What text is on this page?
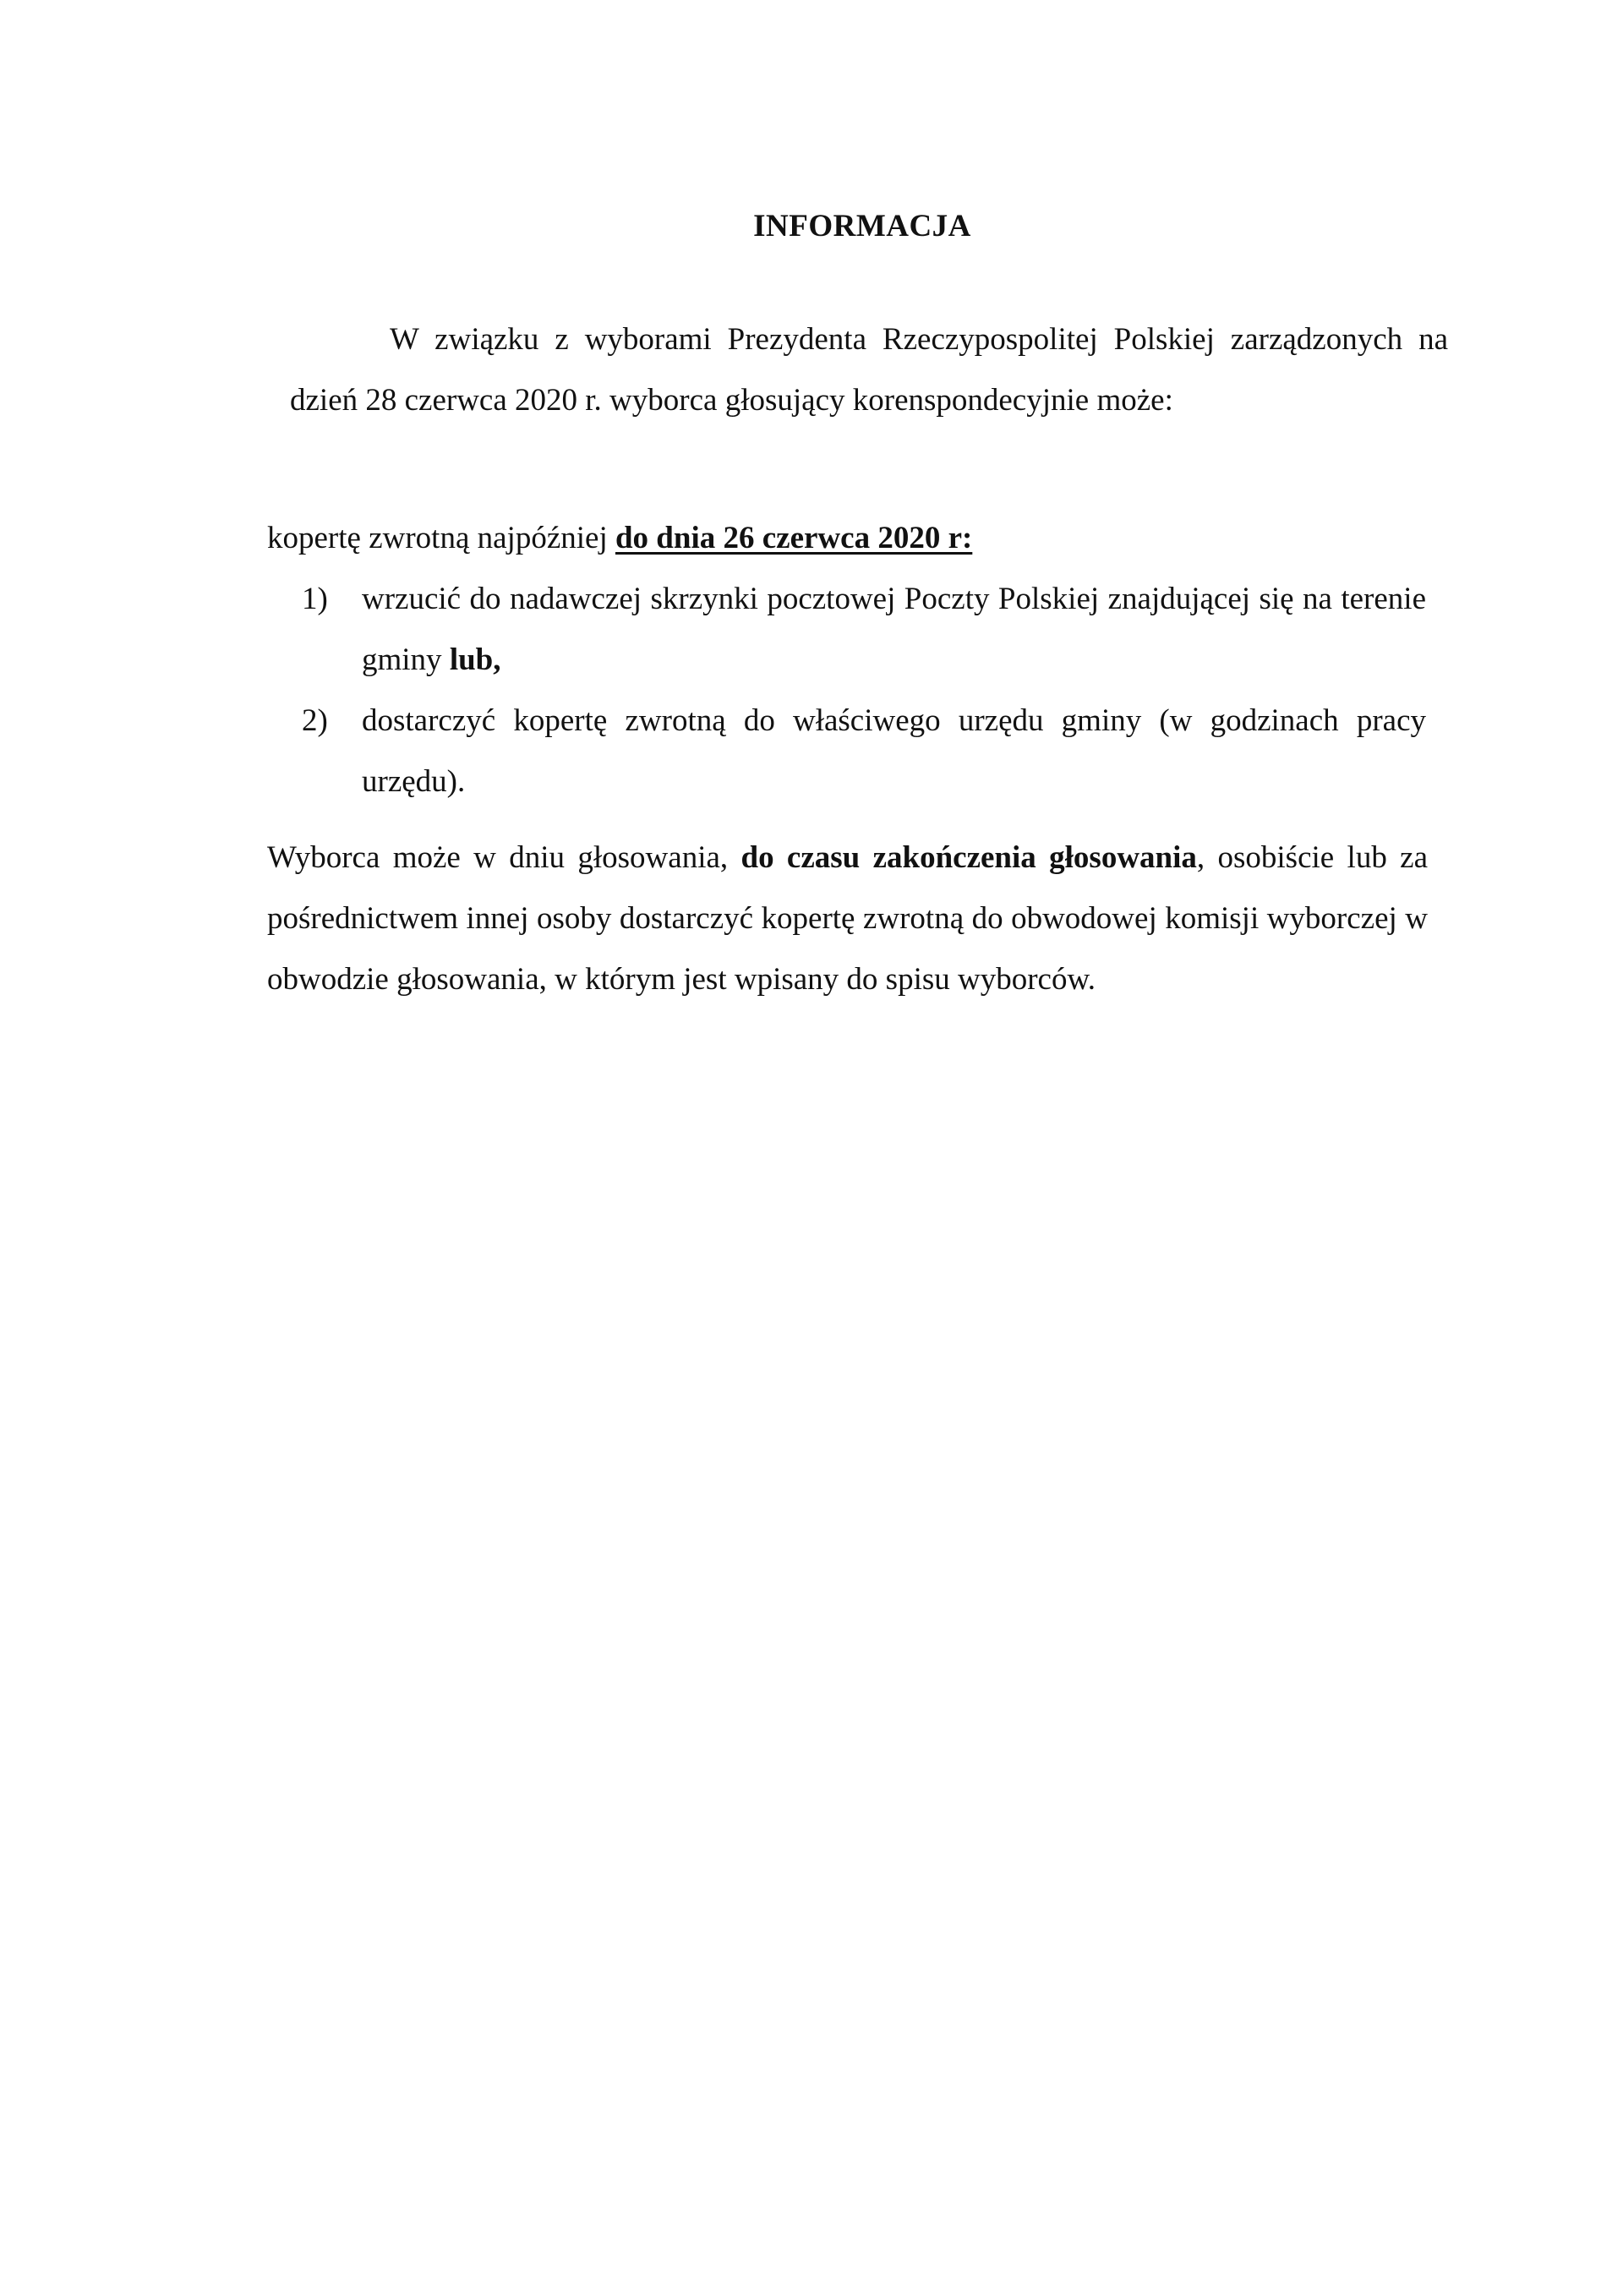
INFORMACJA

W związku z wyborami Prezydenta Rzeczypospolitej Polskiej zarządzonych na dzień 28 czerwca 2020 r. wyborca głosujący korenspondecyjnie może:

kopertę zwrotną najpóźniej do dnia 26 czerwca 2020 r:

1) wrzucić do nadawczej skrzynki pocztowej Poczty Polskiej znajdującej się na terenie gminy lub,
2) dostarczyć kopertę zwrotną do właściwego urzędu gminy (w godzinach pracy urzędu).

Wyborca może w dniu głosowania, do czasu zakończenia głosowania, osobiście lub za pośrednictwem innej osoby dostarczyć kopertę zwrotną do obwodowej komisji wyborczej w obwodzie głosowania, w którym jest wpisany do spisu wyborców.
